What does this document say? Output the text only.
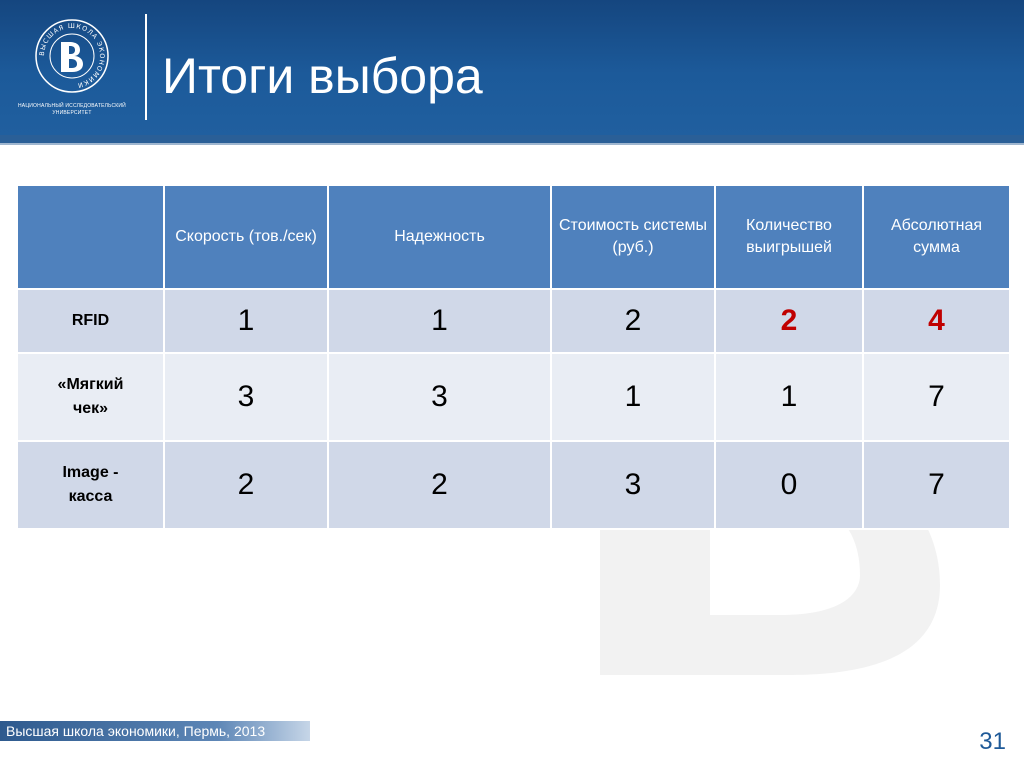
ВЫСШАЯ ШКОЛА ЭКОНОМИКИ
НАЦИОНАЛЬНЫЙ ИССЛЕДОВАТЕЛЬСКИЙ
УНИВЕРСИТЕТ
Итоги выбора
	Скорость (тов./сек)	Надежность	Стоимость системы (руб.)	Количество выигрышей	Абсолютная сумма
RFID	1	1	2	2	4
«Мягкий чек»	3	3	1	1	7
Image - касса	2	2	3	0	7
Высшая школа экономики, Пермь, 2013	31
